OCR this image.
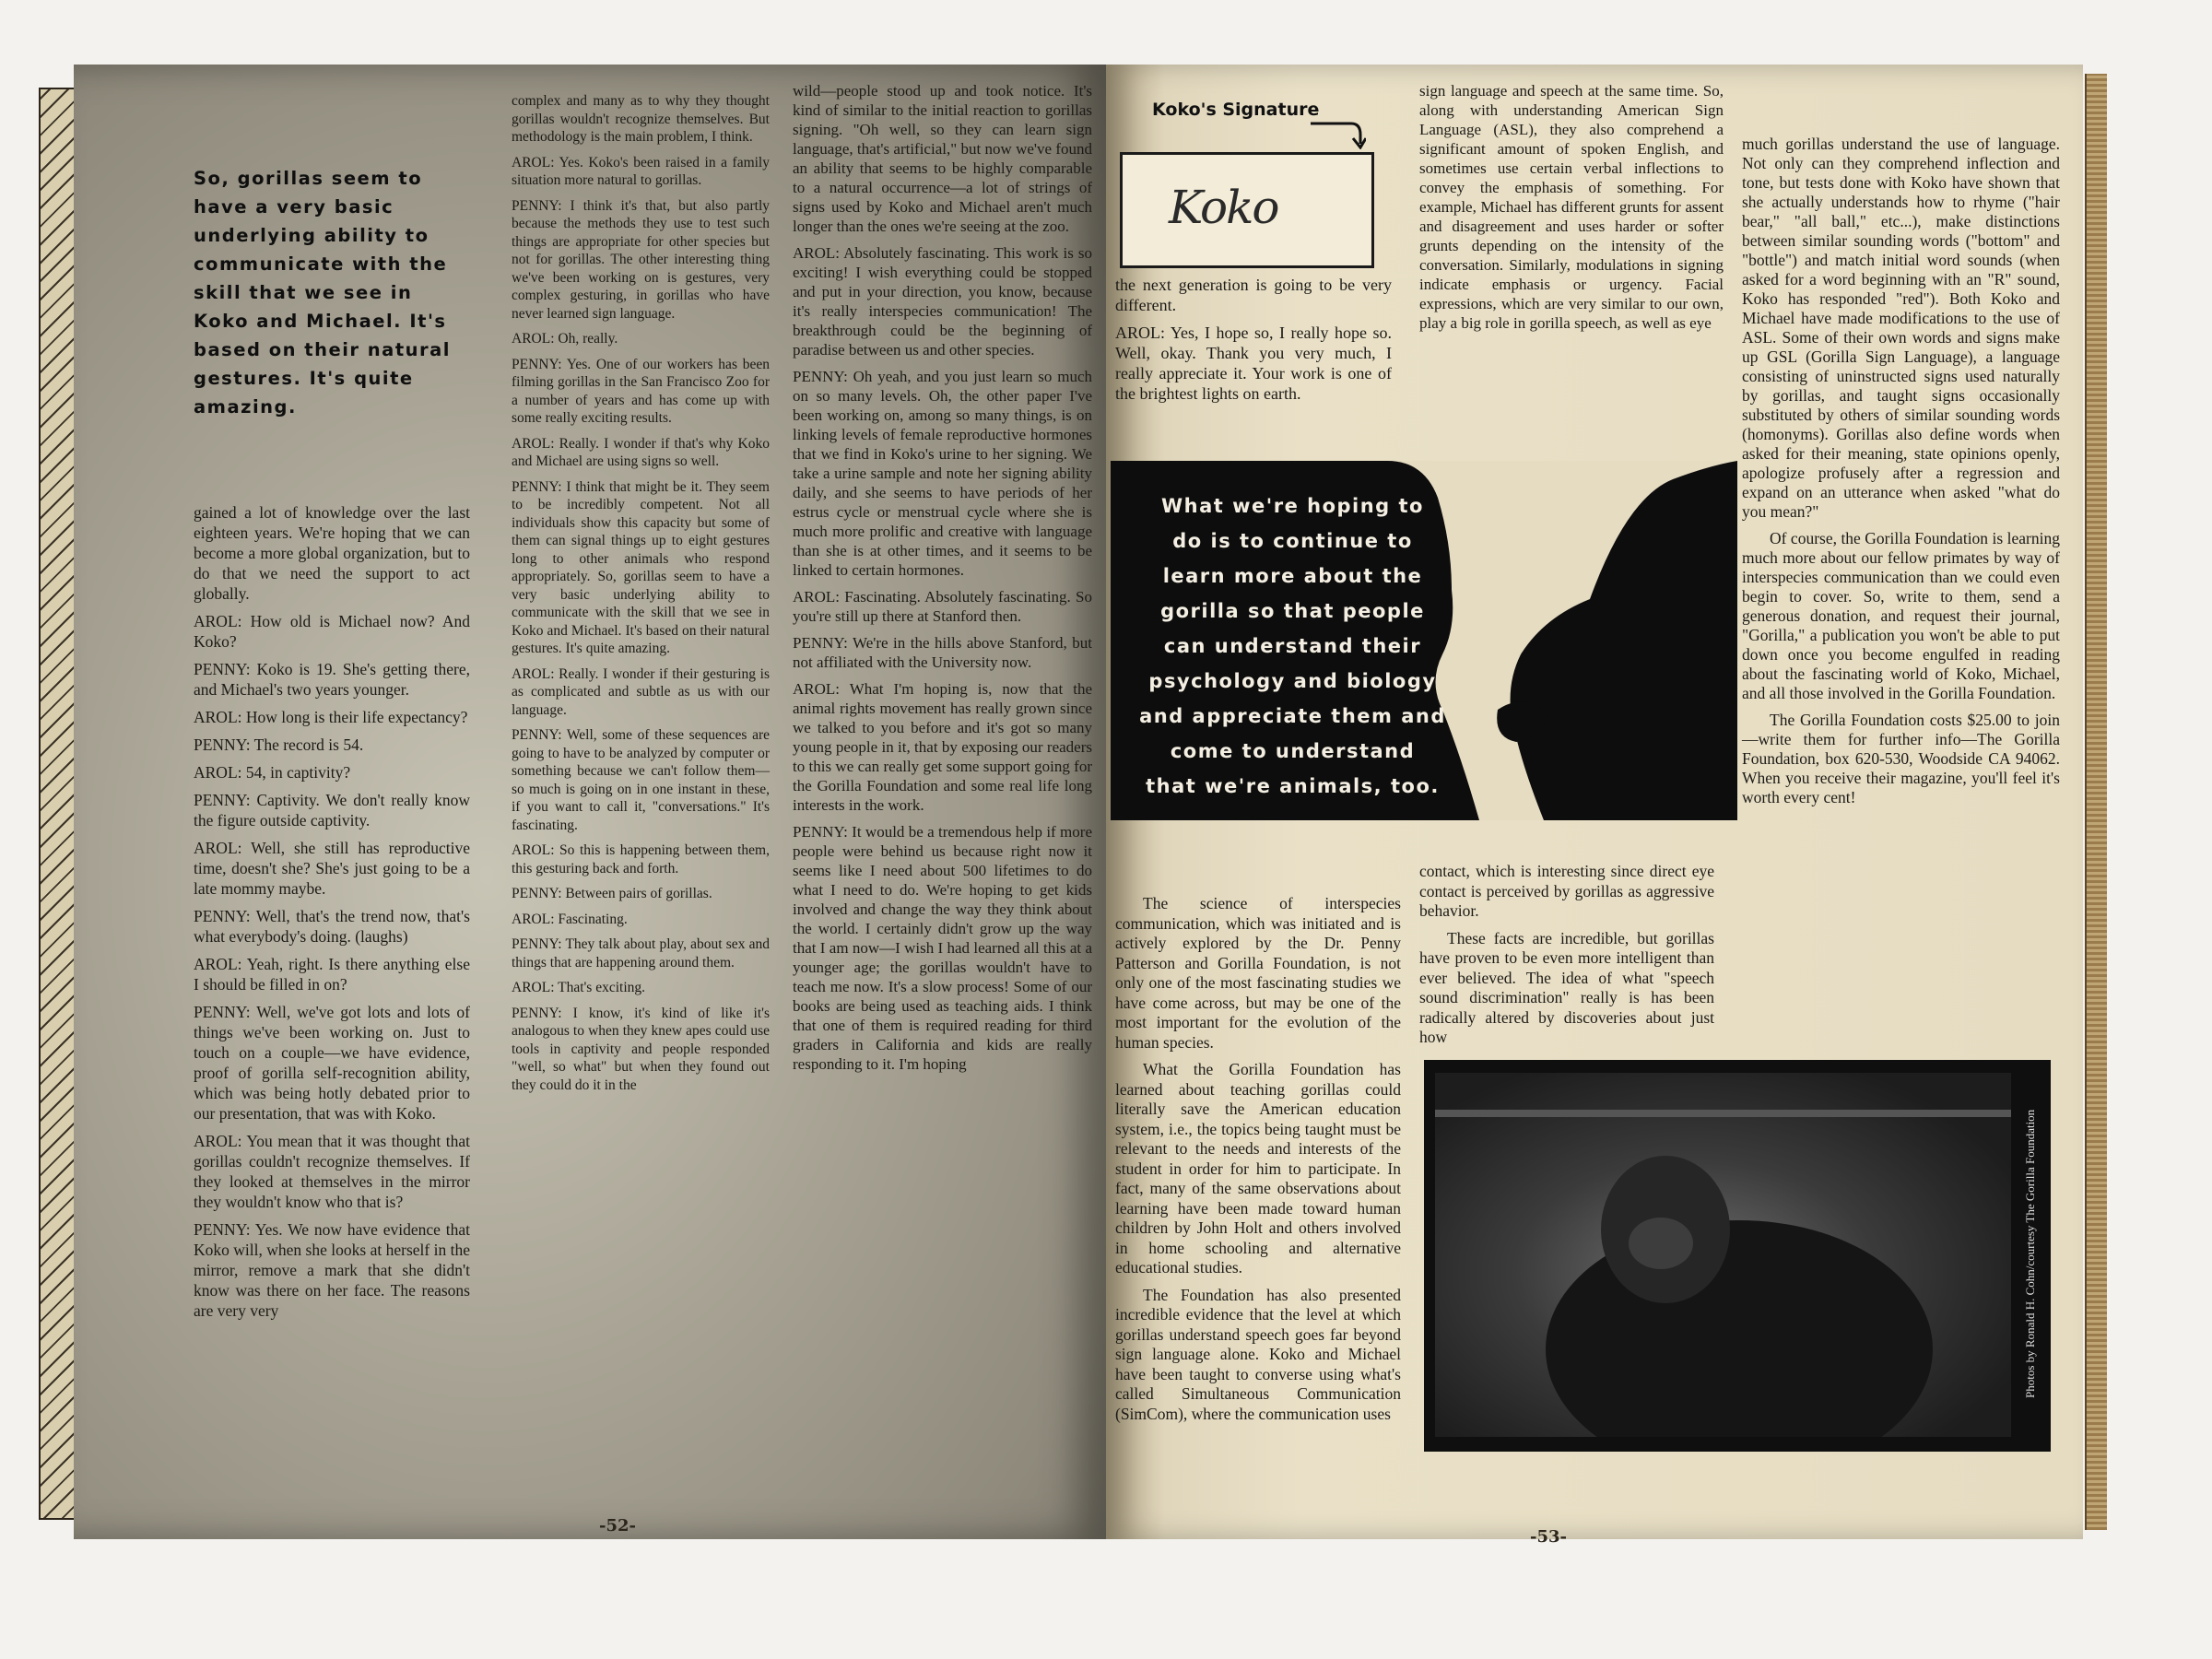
So, gorillas seem to

have a very basic

underlying ability to

communicate with the

skill that we see in

Koko and Michael. It's

based on their natural

gestures. It's quite

amazing.

gained a lot of knowledge over the last eighteen years. We're hoping that we can become a more global organization, but to do that we need the support to act globally.

AROL: How old is Michael now? And Koko?

PENNY: Koko is 19. She's getting there, and Michael's two years younger.

AROL: How long is their life expectancy?

PENNY: The record is 54.

AROL: 54, in captivity?

PENNY: Captivity. We don't really know the figure outside captivity.

AROL: Well, she still has reproductive time, doesn't she? She's just going to be a late mommy maybe.

PENNY: Well, that's the trend now, that's what everybody's doing. (laughs)

AROL: Yeah, right. Is there anything else I should be filled in on?

PENNY: Well, we've got lots and lots of things we've been working on. Just to touch on a couple—we have evidence, proof of gorilla self-recognition ability, which was being hotly debated prior to our presentation, that was with Koko.

AROL: You mean that it was thought that gorillas couldn't recognize themselves. If they looked at themselves in the mirror they wouldn't know who that is?

PENNY: Yes. We now have evidence that Koko will, when she looks at herself in the mirror, remove a mark that she didn't know was there on her face. The reasons are very very

complex and many as to why they thought gorillas wouldn't recognize themselves. But methodology is the main problem, I think.

AROL: Yes. Koko's been raised in a family situation more natural to gorillas.

PENNY: I think it's that, but also partly because the methods they use to test such things are appropriate for other species but not for gorillas. The other interesting thing we've been working on is gestures, very complex gesturing, in gorillas who have never learned sign language.

AROL: Oh, really.

PENNY: Yes. One of our workers has been filming gorillas in the San Francisco Zoo for a number of years and has come up with some really exciting results.

AROL: Really. I wonder if that's why Koko and Michael are using signs so well.

PENNY: I think that might be it. They seem to be incredibly competent. Not all individuals show this capacity but some of them can signal things up to eight gestures long to other animals who respond appropriately. So, gorillas seem to have a very basic underlying ability to communicate with the skill that we see in Koko and Michael. It's based on their natural gestures. It's quite amazing.

AROL: Really. I wonder if their gesturing is as complicated and subtle as us with our language.

PENNY: Well, some of these sequences are going to have to be analyzed by computer or something because we can't follow them—so much is going on in one instant in these, if you want to call it, "conversations." It's fascinating.

AROL: So this is happening between them, this gesturing back and forth.

PENNY: Between pairs of gorillas.

AROL: Fascinating.

PENNY: They talk about play, about sex and things that are happening around them.

AROL: That's exciting.

PENNY: I know, it's kind of like it's analogous to when they knew apes could use tools in captivity and people responded "well, so what" but when they found out they could do it in the

wild—people stood up and took notice. It's kind of similar to the initial reaction to gorillas signing. "Oh well, so they can learn sign language, that's artificial," but now we've found an ability that seems to be highly comparable to a natural occurrence—a lot of strings of signs used by Koko and Michael aren't much longer than the ones we're seeing at the zoo.

AROL: Absolutely fascinating. This work is so exciting! I wish everything could be stopped and put in your direction, you know, because it's really interspecies communication! The breakthrough could be the beginning of paradise between us and other species.

PENNY: Oh yeah, and you just learn so much on so many levels. Oh, the other paper I've been working on, among so many things, is on linking levels of female reproductive hormones that we find in Koko's urine to her signing. We take a urine sample and note her signing ability daily, and she seems to have periods of her estrus cycle or menstrual cycle where she is much more prolific and creative with language than she is at other times, and it seems to be linked to certain hormones.

AROL: Fascinating. Absolutely fascinating. So you're still up there at Stanford then.

PENNY: We're in the hills above Stanford, but not affiliated with the University now.

AROL: What I'm hoping is, now that the animal rights movement has really grown since we talked to you before and it's got so many young people in it, that by exposing our readers to this we can really get some support going for the Gorilla Foundation and some real life long interests in the work.

PENNY: It would be a tremendous help if more people were behind us because right now it seems like I need about 500 lifetimes to do what I need to do. We're hoping to get kids involved and change the way they think about the world. I certainly didn't grow up the way that I am now—I wish I had learned all this at a younger age; the gorillas wouldn't have to teach me now. It's a slow process! Some of our books are being used as teaching aids. I think that one of them is required reading for third graders in California and kids are really responding to it. I'm hoping

-52-
Koko's Signature
Koko

the next generation is going to be very different.

AROL: Yes, I hope so, I really hope so. Well, okay. Thank you very much, I really appreciate it. Your work is one of the brightest lights on earth.

sign language and speech at the same time. So, along with understanding American Sign Language (ASL), they also comprehend a significant amount of spoken English, and sometimes use certain verbal inflections to convey the emphasis of something. For example, Michael has different grunts for assent and disagreement and uses harder or softer grunts depending on the intensity of the conversation. Similarly, modulations in signing indicate emphasis or urgency. Facial expressions, which are very similar to our own, play a big role in gorilla speech, as well as eye

much gorillas understand the use of language. Not only can they comprehend inflection and tone, but tests done with Koko have shown that she actually understands how to rhyme ("hair bear," "all ball," etc...), make distinctions between similar sounding words ("bottom" and "bottle") and match initial word sounds (when asked for a word beginning with an "R" sound, Koko has responded "red"). Both Koko and Michael have made modifications to the use of ASL. Some of their own words and signs make up GSL (Gorilla Sign Language), a language consisting of uninstructed signs used naturally by gorillas, and taught signs occasionally substituted by others of similar sounding words (homonyms). Gorillas also define words when asked for their meaning, state opinions openly, apologize profusely after a regression and expand on an utterance when asked "what do you mean?"

Of course, the Gorilla Foundation is learning much more about our fellow primates by way of interspecies communication than we could even begin to cover. So, write to them, send a generous donation, and request their journal, "Gorilla," a publication you won't be able to put down once you become engulfed in reading about the fascinating world of Koko, Michael, and all those involved in the Gorilla Foundation.

The Gorilla Foundation costs $25.00 to join—write them for further info—The Gorilla Foundation, box 620-530, Woodside CA 94062. When you receive their magazine, you'll feel it's worth every cent!

What we're hoping to

do is to continue to

learn more about the

gorilla so that people

can understand their

psychology and biology

and appreciate them and

come to understand

that we're animals, too.

The science of interspecies communication, which was initiated and is actively explored by the Dr. Penny Patterson and Gorilla Foundation, is not only one of the most fascinating studies we have come across, but may be one of the most important for the evolution of the human species.

What the Gorilla Foundation has learned about teaching gorillas could literally save the American education system, i.e., the topics being taught must be relevant to the needs and interests of the student in order for him to participate. In fact, many of the same observations about learning have been made toward human children by John Holt and others involved in home schooling and alternative educational studies.

The Foundation has also presented incredible evidence that the level at which gorillas understand speech goes far beyond sign language alone. Koko and Michael have been taught to converse using what's called Simultaneous Communication (SimCom), where the communication uses

contact, which is interesting since direct eye contact is perceived by gorillas as aggressive behavior.

These facts are incredible, but gorillas have proven to be even more intelligent than ever believed. The idea of what "speech sound discrimination" really is has been radically altered by discoveries about just how

Photos by Ronald H. Cohn/courtesy The Gorilla Foundation
-53-
